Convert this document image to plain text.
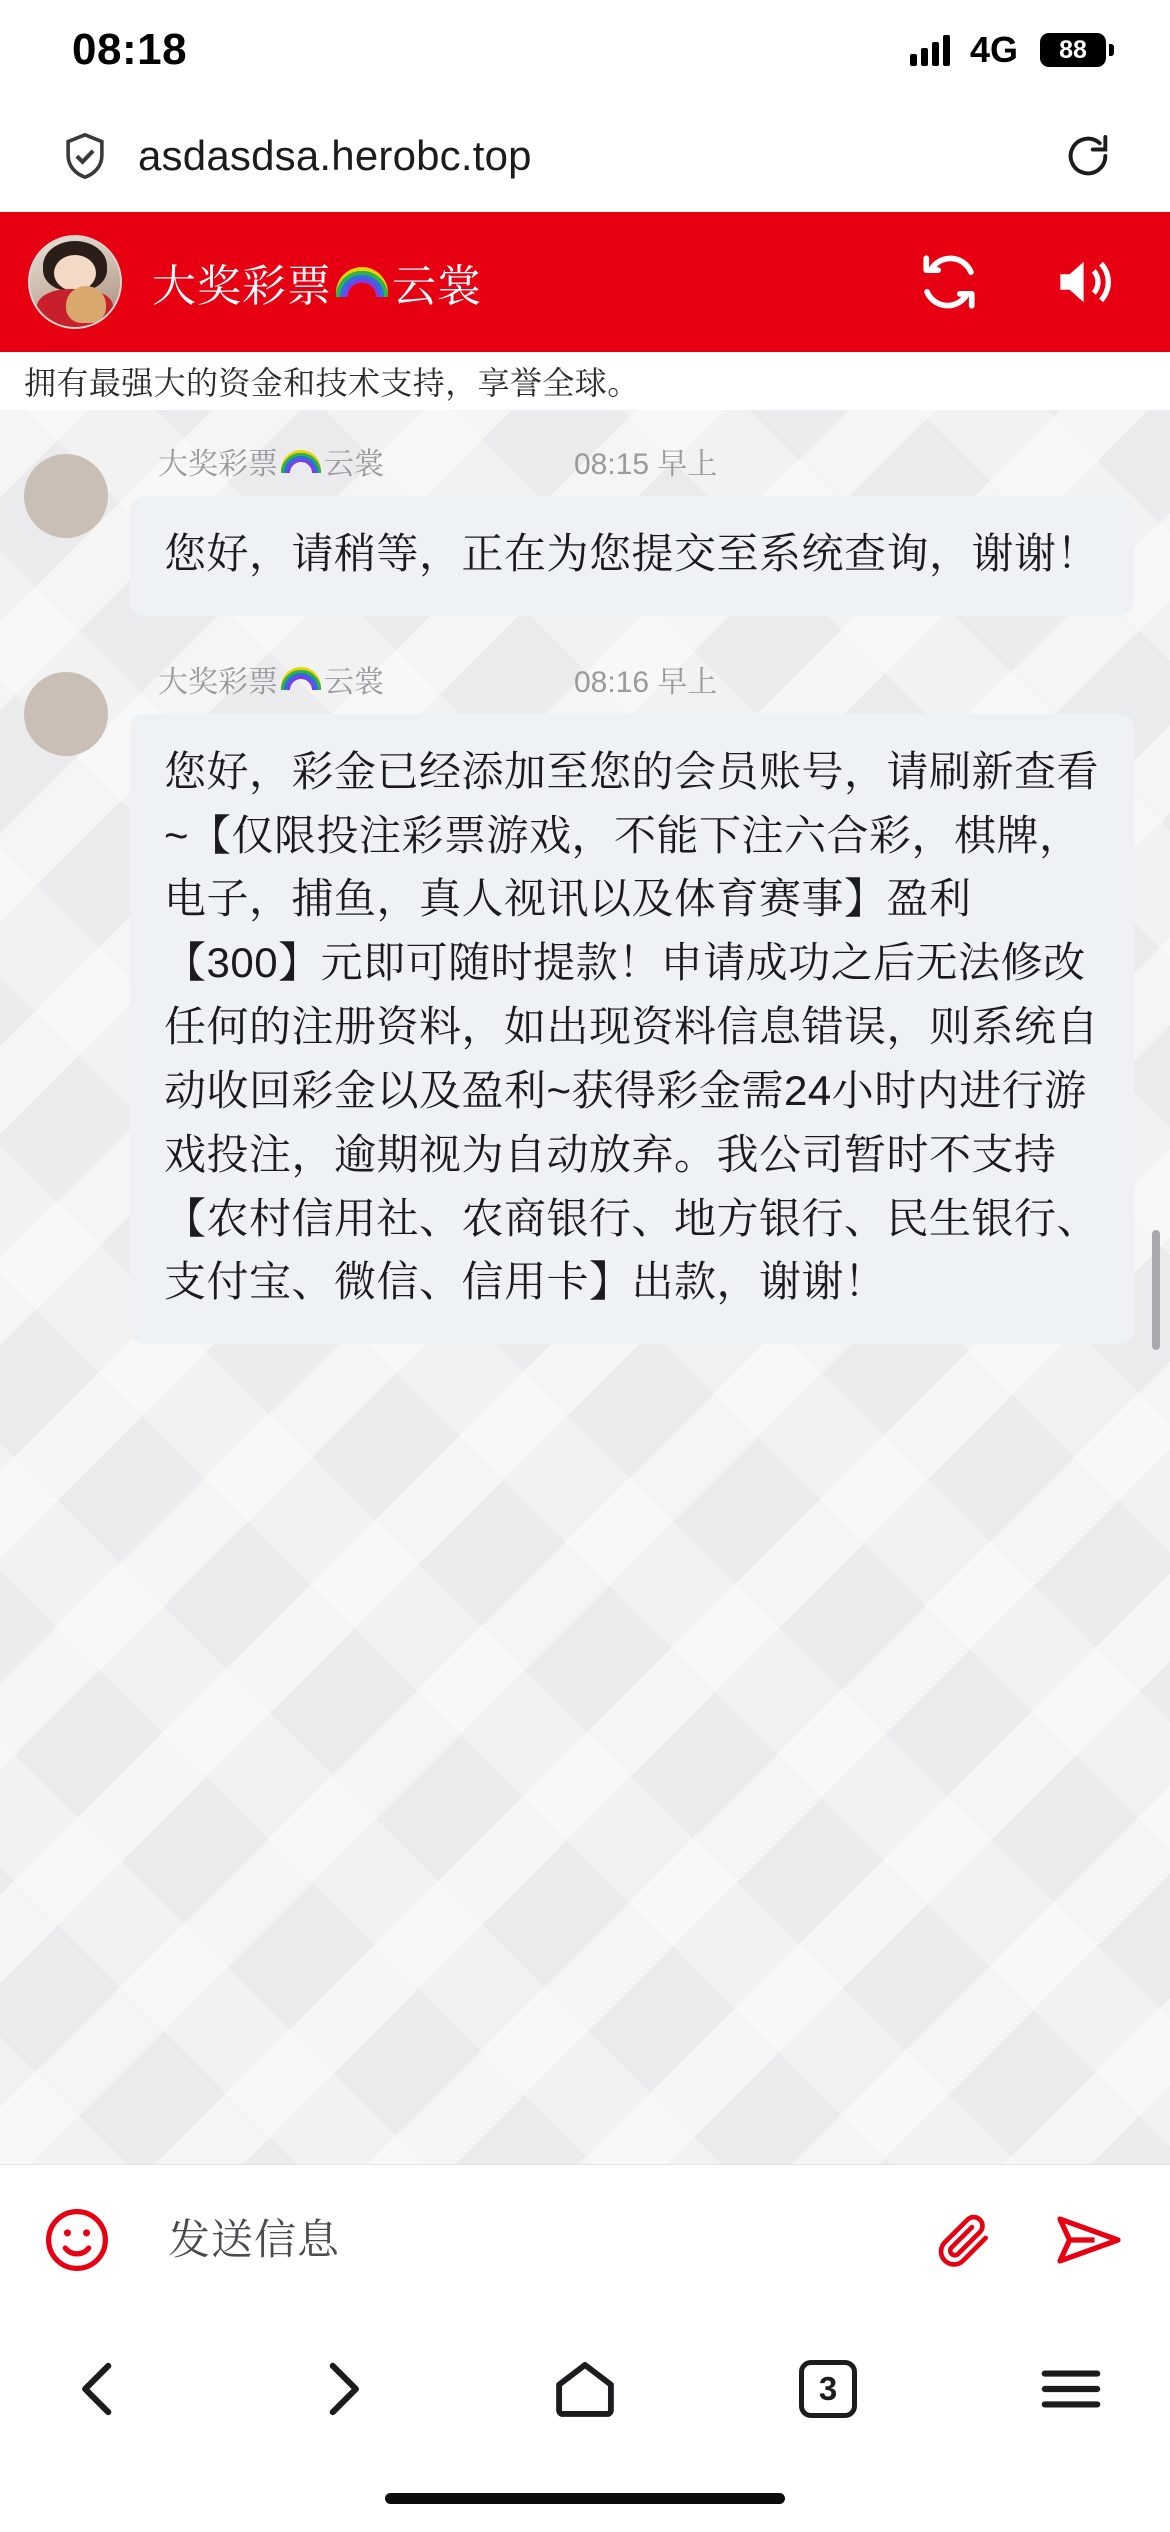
08:18	4G 88
asdasdsa.herobc.top
大奖彩票 云裳
拥有最强大的资金和技术支持，享誉全球。
大奖彩票 云裳	08:15 早上
您好，请稍等，正在为您提交至系统查询，谢谢！
大奖彩票 云裳	08:16 早上
您好，彩金已经添加至您的会员账号，请刷新查看~【仅限投注彩票游戏，不能下注六合彩，棋牌，电子，捕鱼，真人视讯以及体育赛事】盈利【300】元即可随时提款！申请成功之后无法修改任何的注册资料，如出现资料信息错误，则系统自动收回彩金以及盈利~获得彩金需24小时内进行游戏投注，逾期视为自动放弃。我公司暂时不支持【农村信用社、农商银行、地方银行、民生银行、支付宝、微信、信用卡】出款，谢谢！
发送信息
3
